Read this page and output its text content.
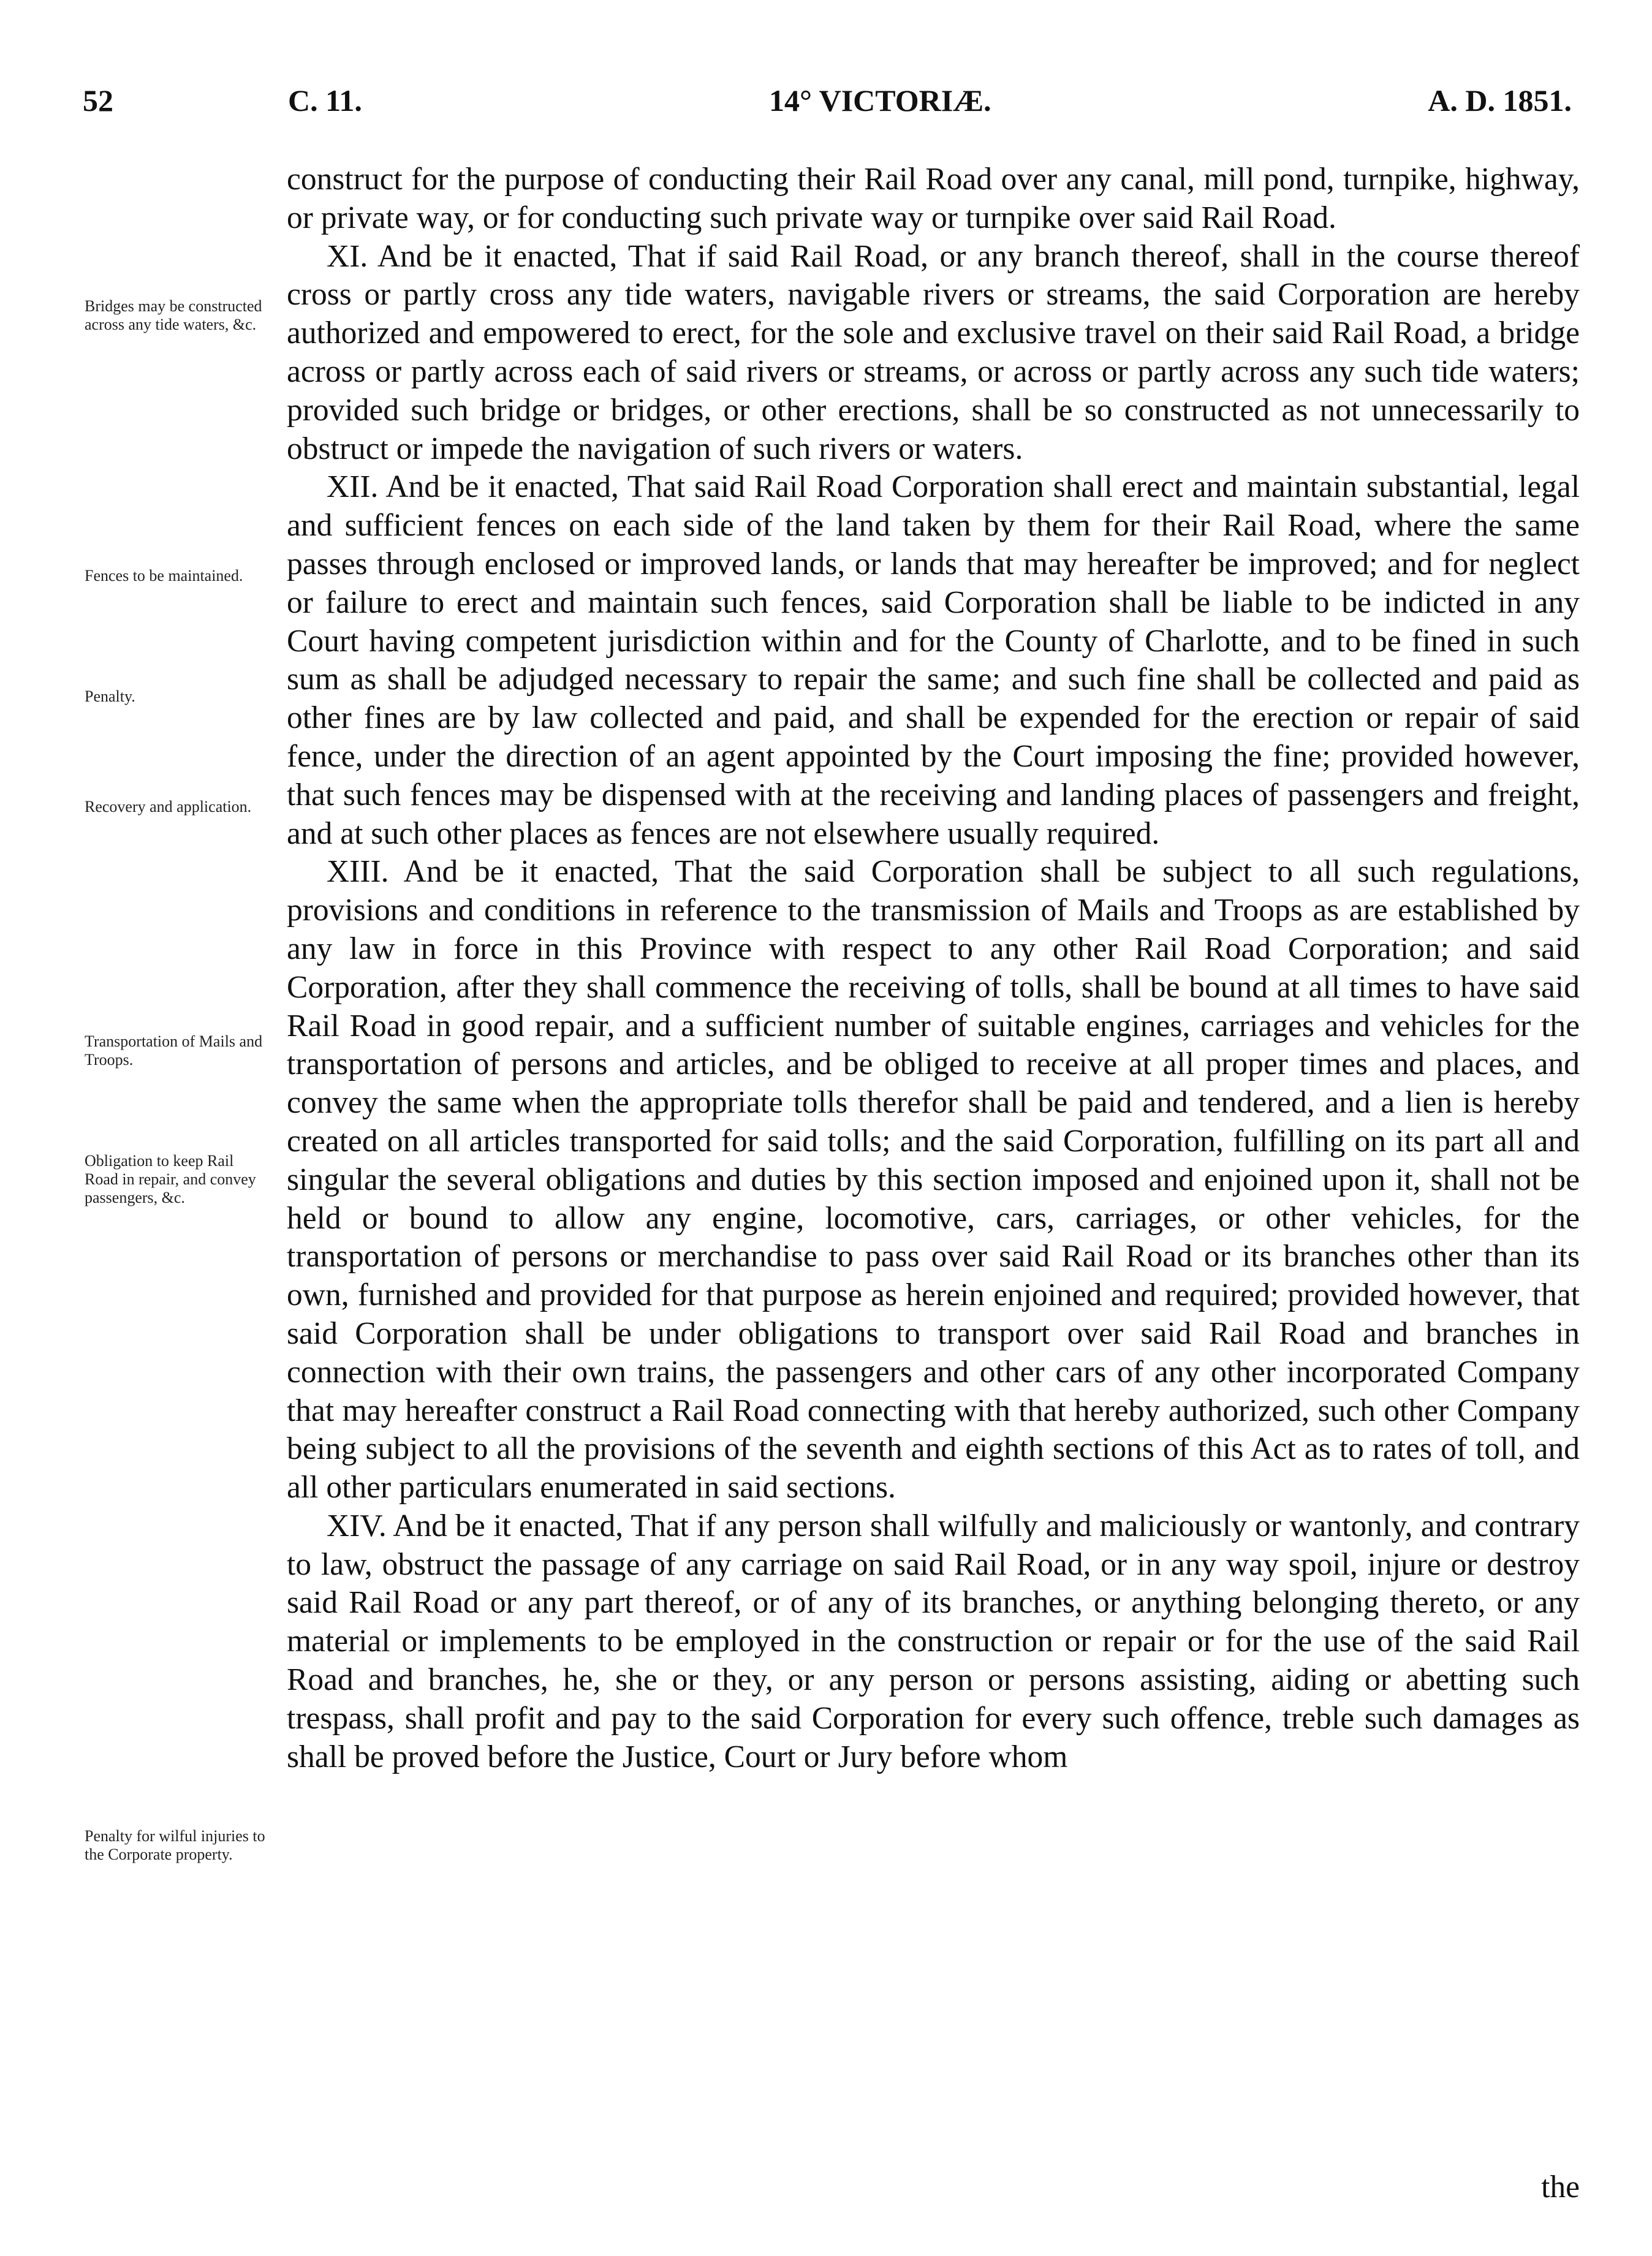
52	C. 11.	14° VICTORIÆ.	A. D. 1851.
Bridges may be constructed across any tide waters, &c.
Fences to be maintained.
Penalty.
Recovery and application.
Transportation of Mails and Troops.
Obligation to keep Rail Road in repair, and convey passengers, &c.
Penalty for wilful injuries to the Corporate property.

construct for the purpose of conducting their Rail Road over any canal, mill pond, turnpike, highway, or private way, or for conducting such private way or turnpike over said Rail Road.

XI. And be it enacted, That if said Rail Road, or any branch thereof, shall in the course thereof cross or partly cross any tide waters, navigable rivers or streams, the said Corporation are hereby authorized and empowered to erect, for the sole and exclusive travel on their said Rail Road, a bridge across or partly across each of said rivers or streams, or across or partly across any such tide waters; provided such bridge or bridges, or other erections, shall be so constructed as not unnecessarily to obstruct or impede the navigation of such rivers or waters.

XII. And be it enacted, That said Rail Road Corporation shall erect and maintain substantial, legal and sufficient fences on each side of the land taken by them for their Rail Road, where the same passes through enclosed or improved lands, or lands that may hereafter be improved; and for neglect or failure to erect and maintain such fences, said Corporation shall be liable to be indicted in any Court having competent jurisdiction within and for the County of Charlotte, and to be fined in such sum as shall be adjudged necessary to repair the same; and such fine shall be collected and paid as other fines are by law collected and paid, and shall be expended for the erection or repair of said fence, under the direction of an agent appointed by the Court imposing the fine; provided however, that such fences may be dispensed with at the receiving and landing places of passengers and freight, and at such other places as fences are not elsewhere usually required.

XIII. And be it enacted, That the said Corporation shall be subject to all such regulations, provisions and conditions in reference to the transmission of Mails and Troops as are established by any law in force in this Province with respect to any other Rail Road Corporation; and said Corporation, after they shall commence the receiving of tolls, shall be bound at all times to have said Rail Road in good repair, and a sufficient number of suitable engines, carriages and vehicles for the transportation of persons and articles, and be obliged to receive at all proper times and places, and convey the same when the appropriate tolls therefor shall be paid and tendered, and a lien is hereby created on all articles transported for said tolls; and the said Corporation, fulfilling on its part all and singular the several obligations and duties by this section imposed and enjoined upon it, shall not be held or bound to allow any engine, locomotive, cars, carriages, or other vehicles, for the transportation of persons or merchandise to pass over said Rail Road or its branches other than its own, furnished and provided for that purpose as herein enjoined and required; provided however, that said Corporation shall be under obligations to transport over said Rail Road and branches in connection with their own trains, the passengers and other cars of any other incorporated Company that may hereafter construct a Rail Road connecting with that hereby authorized, such other Company being subject to all the provisions of the seventh and eighth sections of this Act as to rates of toll, and all other particulars enumerated in said sections.

XIV. And be it enacted, That if any person shall wilfully and maliciously or wantonly, and contrary to law, obstruct the passage of any carriage on said Rail Road, or in any way spoil, injure or destroy said Rail Road or any part thereof, or of any of its branches, or anything belonging thereto, or any material or implements to be employed in the construction or repair or for the use of the said Rail Road and branches, he, she or they, or any person or persons assisting, aiding or abetting such trespass, shall profit and pay to the said Corporation for every such offence, treble such damages as shall be proved before the Justice, Court or Jury before whom

the
